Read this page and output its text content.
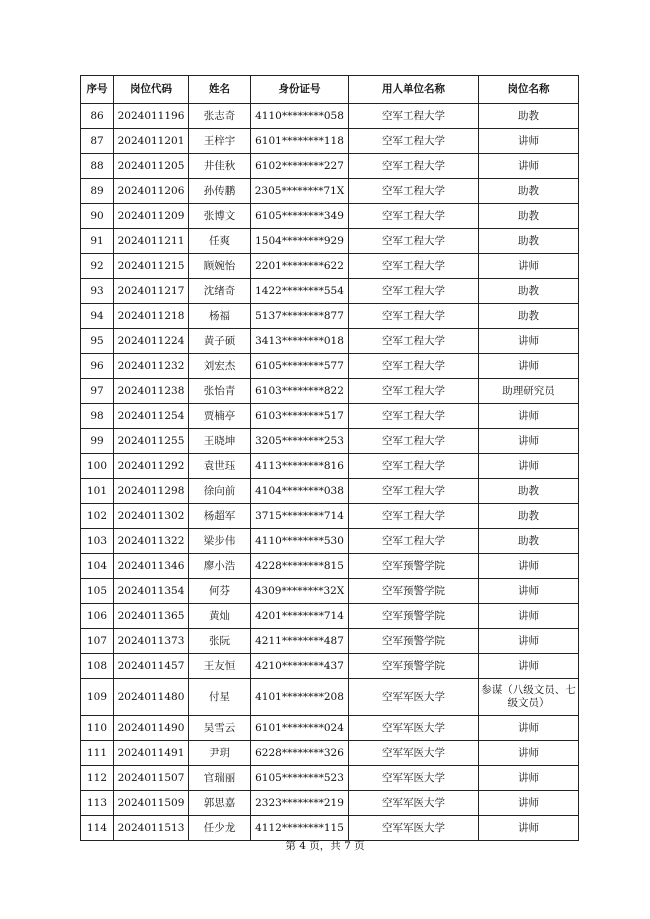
序号	岗位代码	姓名	身份证号	用人单位名称	岗位名称
86	2024011196	张志奇	4110********058	空军工程大学	助教
87	2024011201	王梓宇	6101********118	空军工程大学	讲师
88	2024011205	井佳秋	6102********227	空军工程大学	讲师
89	2024011206	孙传鹏	2305********71X	空军工程大学	助教
90	2024011209	张博文	6105********349	空军工程大学	助教
91	2024011211	任爽	1504********929	空军工程大学	助教
92	2024011215	顾婉怡	2201********622	空军工程大学	讲师
93	2024011217	沈绪奇	1422********554	空军工程大学	助教
94	2024011218	杨福	5137********877	空军工程大学	助教
95	2024011224	黄子硕	3413********018	空军工程大学	讲师
96	2024011232	刘宏杰	6105********577	空军工程大学	讲师
97	2024011238	张怡青	6103********822	空军工程大学	助理研究员
98	2024011254	贾楠亭	6103********517	空军工程大学	讲师
99	2024011255	王晓坤	3205********253	空军工程大学	讲师
100	2024011292	袁世珏	4113********816	空军工程大学	讲师
101	2024011298	徐向前	4104********038	空军工程大学	助教
102	2024011302	杨超军	3715********714	空军工程大学	助教
103	2024011322	梁步伟	4110********530	空军工程大学	助教
104	2024011346	廖小浩	4228********815	空军预警学院	讲师
105	2024011354	何芬	4309********32X	空军预警学院	讲师
106	2024011365	黄灿	4201********714	空军预警学院	讲师
107	2024011373	张阮	4211********487	空军预警学院	讲师
108	2024011457	王友恒	4210********437	空军预警学院	讲师
109	2024011480	付星	4101********208	空军军医大学	参谋（八级文员、七级文员）
110	2024011490	吴雪云	6101********024	空军军医大学	讲师
111	2024011491	尹玥	6228********326	空军军医大学	讲师
112	2024011507	官瑞丽	6105********523	空军军医大学	讲师
113	2024011509	郭思嘉	2323********219	空军军医大学	讲师
114	2024011513	任少龙	4112********115	空军军医大学	讲师
第 4 页，共 7 页
